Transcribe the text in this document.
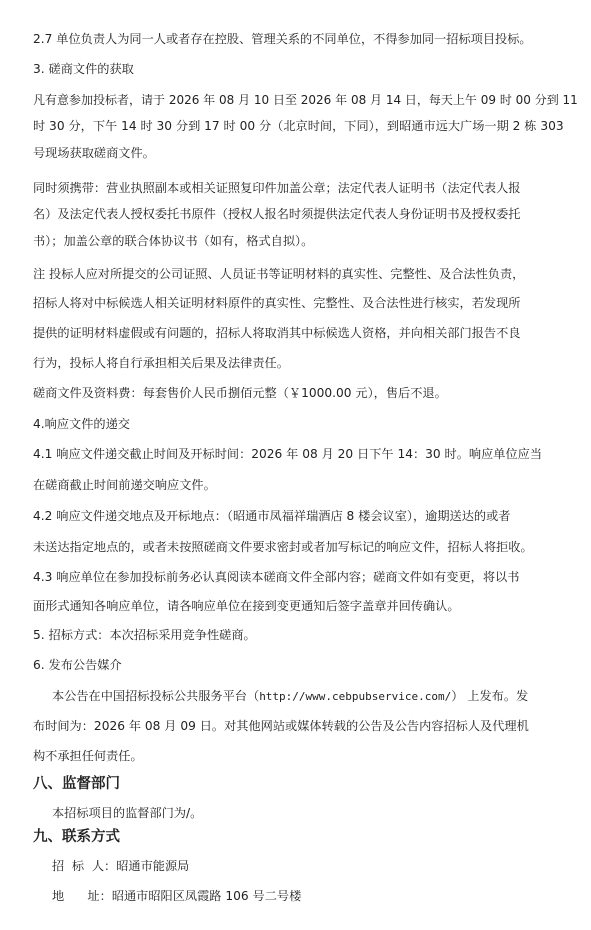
2.7 单位负责人为同一人或者存在控股、管理关系的不同单位，不得参加同一招标项目投标。
3. 磋商文件的获取
凡有意参加投标者，请于 2026 年 08 月 10 日至 2026 年 08 月 14 日，每天上午 09 时 00 分到 11
时 30 分，下午 14 时 30 分到 17 时 00 分（北京时间，下同），到昭通市远大广场一期 2 栋 303
号现场获取磋商文件。
同时须携带：营业执照副本或相关证照复印件加盖公章；法定代表人证明书（法定代表人报
名）及法定代表人授权委托书原件（授权人报名时须提供法定代表人身份证明书及授权委托
书）；加盖公章的联合体协议书（如有，格式自拟）。
注 投标人应对所提交的公司证照、人员证书等证明材料的真实性、完整性、及合法性负责，
招标人将对中标候选人相关证明材料原件的真实性、完整性、及合法性进行核实，若发现所
提供的证明材料虚假或有问题的，招标人将取消其中标候选人资格，并向相关部门报告不良
行为，投标人将自行承担相关后果及法律责任。
磋商文件及资料费：每套售价人民币捌佰元整（￥1000.00 元），售后不退。
4.响应文件的递交
4.1 响应文件递交截止时间及开标时间：2026 年 08 月 20 日下午 14：30 时。响应单位应当
在磋商截止时间前递交响应文件。
4.2 响应文件递交地点及开标地点：（昭通市凤福祥瑞酒店 8 楼会议室），逾期送达的或者
未送达指定地点的，或者未按照磋商文件要求密封或者加写标记的响应文件，招标人将拒收。
4.3 响应单位在参加投标前务必认真阅读本磋商文件全部内容；磋商文件如有变更，将以书
面形式通知各响应单位，请各响应单位在接到变更通知后签字盖章并回传确认。
5. 招标方式：本次招标采用竞争性磋商。
6. 发布公告媒介
本公告在中国招标投标公共服务平台（http://www.cebpubservice.com/） 上发布。发
布时间为：2026 年 08 月 09 日。对其他网站或媒体转载的公告及公告内容招标人及代理机
构不承担任何责任。
八、监督部门
本招标项目的监督部门为/。
九、联系方式
招  标  人：昭通市能源局
地      址：昭通市昭阳区凤霞路 106 号二号楼
